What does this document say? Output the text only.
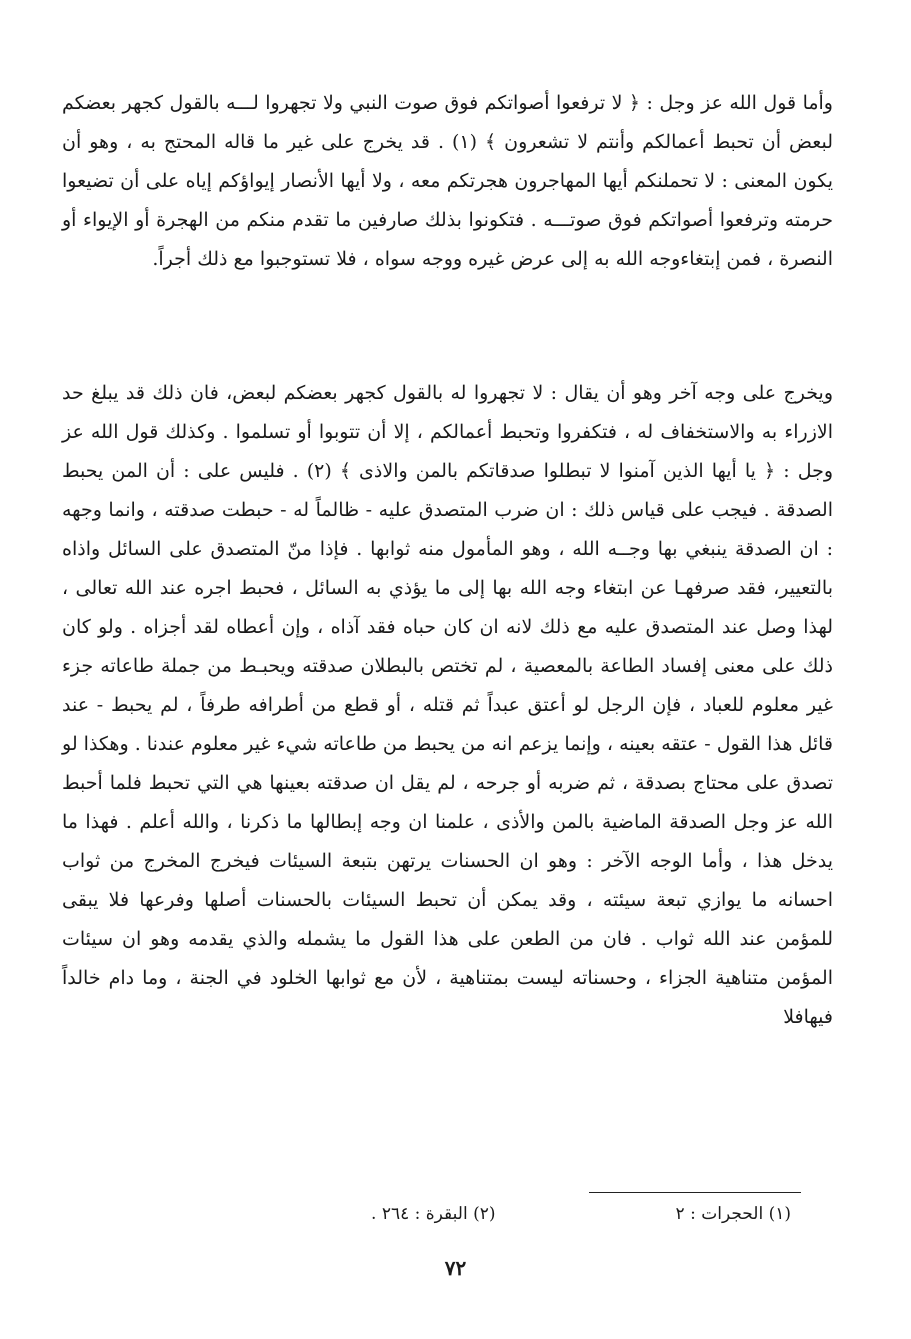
وأما قول الله عز وجل : ﴿ لا ترفعوا أصواتكم فوق صوت النبي ولا تجهروا لـــه بالقول كجهر بعضكم لبعض أن تحبط أعمالكم وأنتم لا تشعرون ﴾ (١) . قد يخرج على غير ما قاله المحتج به ، وهو أن يكون المعنى : لا تحملنكم أيها المهاجرون هجرتكم معه ، ولا أيها الأنصار إيواؤكم إياه على أن تضيعوا حرمته وترفعوا أصواتكم فوق صوتـــه . فتكونوا بذلك صارفين ما تقدم منكم من الهجرة أو الإيواء أو النصرة ، فمن إبتغاءوجه الله به إلى عرض غيره ووجه سواه ، فلا تستوجبوا مع ذلك أجراً.
ويخرج على وجه آخر وهو أن يقال : لا تجهروا له بالقول كجهر بعضكم لبعض، فان ذلك قد يبلغ حد الازراء به والاستخفاف له ، فتكفروا وتحبط أعمالكم ، إلا أن تتوبوا أو تسلموا . وكذلك قول الله عز وجل : ﴿ يا أيها الذين آمنوا لا تبطلوا صدقاتكم بالمن والاذى ﴾ (٢) . فليس على : أن المن يحبط الصدقة . فيجب على قياس ذلك : ان ضرب المتصدق عليه - ظالماً له - حبطت صدقته ، وانما وجهه : ان الصدقة ينبغي بها وجــه الله ، وهو المأمول منه ثوابها . فإذا منّ المتصدق على السائل واذاه بالتعيير، فقد صرفهـا عن ابتغاء وجه الله بها إلى ما يؤذي به السائل ، فحبط اجره عند الله تعالى ، لهذا وصل عند المتصدق عليه مع ذلك لانه ان كان حباه فقد آذاه ، وإن أعطاه لقد أجزاه . ولو كان ذلك على معنى إفساد الطاعة بالمعصية ، لم تختص بالبطلان صدقته ويحبـط من جملة طاعاته جزء غير معلوم للعباد ، فإن الرجل لو أعتق عبداً ثم قتله ، أو قطع من أطرافه طرفاً ، لم يحبط - عند قائل هذا القول - عتقه بعينه ، وإنما يزعم انه من يحبط من طاعاته شيء غير معلوم عندنا . وهكذا لو تصدق على محتاج بصدقة ، ثم ضربه أو جرحه ، لم يقل ان صدقته بعينها هي التي تحبط فلما أحبط الله عز وجل الصدقة الماضية بالمن والأذى ، علمنا ان وجه إبطالها ما ذكرنا ، والله أعلم . فهذا ما يدخل هذا ، وأما الوجه الآخر : وهو ان الحسنات يرتهن بتبعة السيئات فيخرج المخرج من ثواب احسانه ما يوازي تبعة سيئته ، وقد يمكن أن تحبط السيئات بالحسنات أصلها وفرعها فلا يبقى للمؤمن عند الله ثواب . فان من الطعن على هذا القول ما يشمله والذي يقدمه وهو ان سيئات المؤمن متناهية الجزاء ، وحسناته ليست بمتناهية ، لأن مع ثوابها الخلود في الجنة ، وما دام خالداً فيهافلا
(١) الحجرات : ٢
(٢) البقرة : ٢٦٤ .
٧٢
